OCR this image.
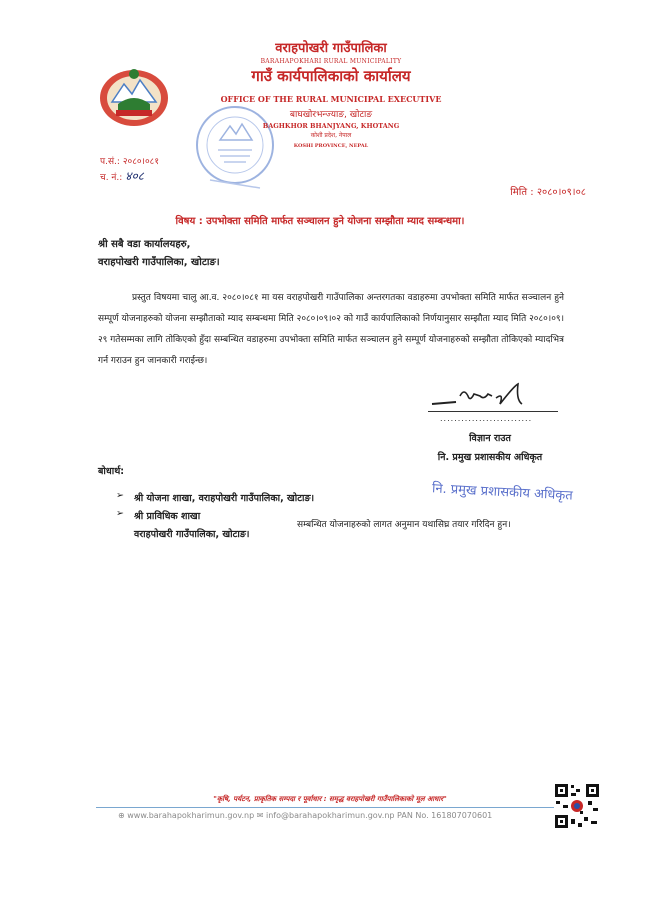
वराहपोखरी गाउँपालिका
BARAHAPOKHARI RURAL MUNICIPALITY
गाउँ कार्यपालिकाको कार्यालय
OFFICE OF THE RURAL MUNICIPAL EXECUTIVE
बाघखोरभन्ज्याङ, खोटाङ
BAGHKHOR BHANJYANG, KHOTANG
कोशी प्रदेश, नेपाल
KOSHI PROVINCE, NEPAL
प.सं.: २०८०।०८१
च. नं.: ४०८
मिति : २०८०।०९।०८
विषय : उपभोक्ता समिति मार्फत सञ्चालन हुने योजना सम्झौता म्याद सम्बन्धमा।
श्री सबै वडा कार्यालयहरु,
वराहपोखरी गाउँपालिका, खोटाङ।
प्रस्तुत विषयमा चालु आ.व. २०८०।०८१ मा यस वराहपोखरी गाउँपालिका अन्तरगतका वडाहरुमा उपभोक्ता समिति मार्फत सञ्चालन हुने सम्पूर्ण योजनाहरुको योजना सम्झौताको म्याद सम्बन्धमा मिति २०८०।०९।०२ को गाउँ कार्यपालिकाको निर्णयानुसार सम्झौता म्याद मिति २०८०।०९।२९ गतेसम्मका लागि तोकिएको हुँदा सम्बन्धित वडाहरुमा उपभोक्ता समिति मार्फत सञ्चालन हुने सम्पूर्ण योजनाहरुको सम्झौता तोकिएको म्यादभित्र गर्न गराउन हुन जानकारी गराईन्छ।
..........................
विज्ञान राउत
नि. प्रमुख प्रशासकीय अधिकृत
बोधार्थ:
➢ श्री योजना शाखा, वराहपोखरी गाउँपालिका, खोटाङ।
➢ श्री प्राविधिक शाखा
वराहपोखरी गाउँपालिका, खोटाङ।
सम्बन्धित योजनाहरुको लागत अनुमान यथासिघ्र तयार गरिदिन हुन।
नि. प्रमुख प्रशासकीय अधिकृत
"कृषि, पर्यटन, प्राकृतिक सम्पदा र पूर्वाधार : समृद्ध वराहपोखरी गाउँपालिकाको मूल आधार"
⊕ www.barahapokharimun.gov.np ✉ info@barahapokharimun.gov.np PAN No. 161807070601
